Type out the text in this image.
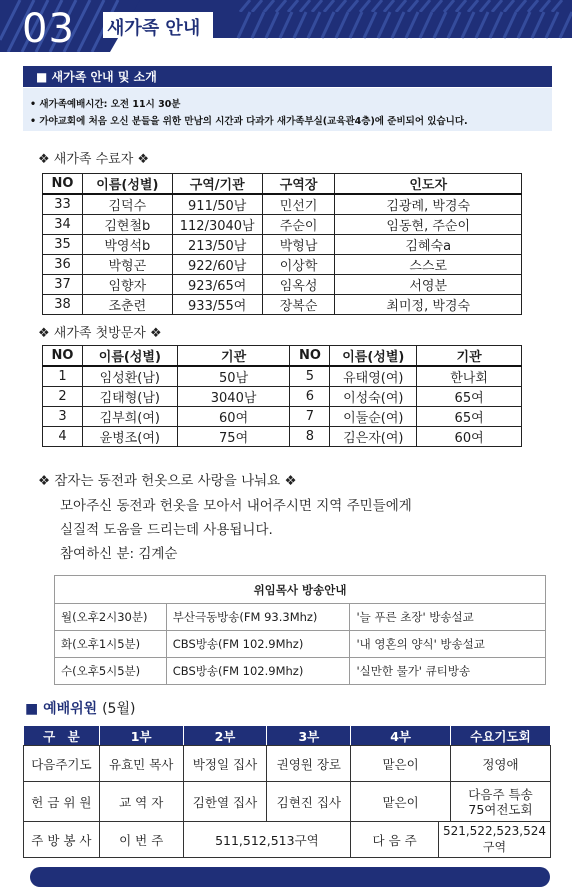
03 새가족 안내
■ 새가족 안내 및 소개
• 새가족예배시간: 오전 11시 30분
• 가야교회에 처음 오신 분들을 위한 만남의 시간과 다과가 새가족부실(교육관4층)에 준비되어 있습니다.
❖ 새가족 수료자 ❖
NO	이름(성별)	구역/기관	구역장	인도자
33	김덕수	911/50남	민선기	김광례, 박경숙
34	김현철b	112/3040남	주순이	임동현, 주순이
35	박영석b	213/50남	박형남	김혜숙a
36	박형곤	922/60남	이상학	스스로
37	임향자	923/65여	임옥성	서영분
38	조춘련	933/55여	장복순	최미정, 박경숙
❖ 새가족 첫방문자 ❖
NO	이름(성별)	기관	NO	이름(성별)	기관
1	임성환(남)	50남	5	유태영(여)	한나회
2	김태형(남)	3040남	6	이성숙(여)	65여
3	김부희(여)	60여	7	이둘순(여)	65여
4	윤병조(여)	75여	8	김은자(여)	60여
❖ 잠자는 동전과 헌옷으로 사랑을 나눠요 ❖
모아주신 동전과 헌옷을 모아서 내어주시면 지역 주민들에게
실질적 도움을 드리는데 사용됩니다.
참여하신 분: 김계순
위임목사 방송안내		
월(오후2시30분)	부산극동방송(FM 93.3Mhz)	'늘 푸른 초장' 방송설교
화(오후1시5분)	CBS방송(FM 102.9Mhz)	'내 영혼의 양식' 방송설교
수(오후5시5분)	CBS방송(FM 102.9Mhz)	'실만한 물가' 큐티방송
■ 예배위원 (5월)
구　분	1부	2부	3부	4부		수요기도회
다음주기도	유효민 목사	박정일 집사	권영원 장로	맡은이		정영애
헌 금 위 원	교 역 자	김한열 집사	김현진 집사	맡은이		다음주 특송
75여전도회

주 방 봉 사	이 번 주	511,512,513구역		다 음 주	521,522,523,524구역	
